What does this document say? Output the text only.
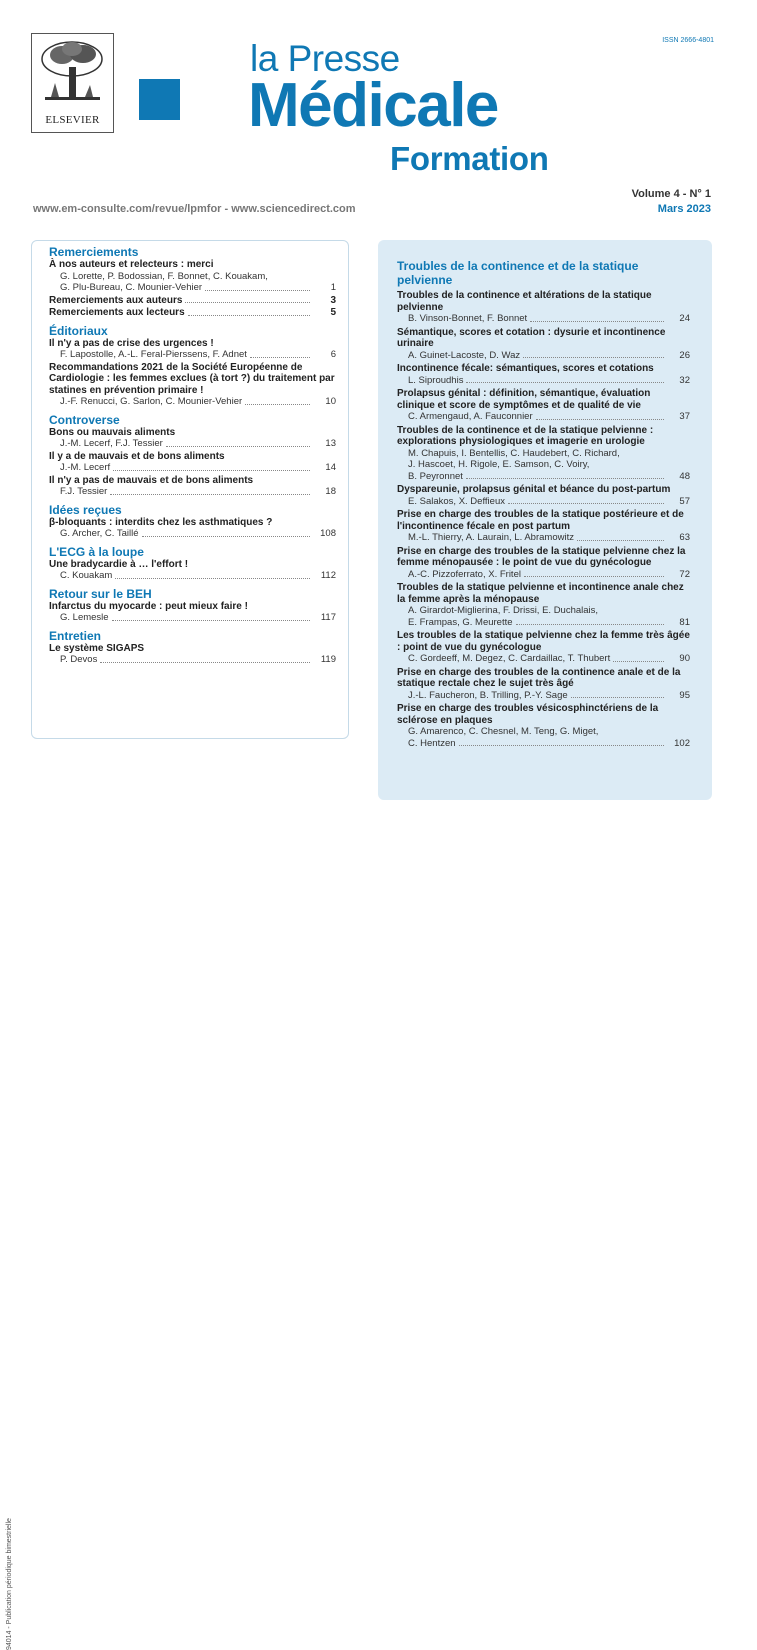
ELSEVIER
ISSN 2666-4801
la Presse
Médicale
Formation
Volume 4 - N° 1
Mars 2023
www.em-consulte.com/revue/lpmfor - www.sciencedirect.com
94014 - Publication périodique bimestrielle
Remerciements
À nos auteurs et relecteurs : merci
G. Lorette, P. Bodossian, F. Bonnet, C. Kouakam,
G. Plu-Bureau, C. Mounier-Vehier	1
Remerciements aux auteurs	3
Remerciements aux lecteurs	5
Éditoriaux
Il n'y a pas de crise des urgences !
F. Lapostolle, A.-L. Feral-Pierssens, F. Adnet	6
Recommandations 2021 de la Société Européenne de Cardiologie : les femmes exclues (à tort ?) du traitement par statines en prévention primaire !
J.-F. Renucci, G. Sarlon, C. Mounier-Vehier	10
Controverse
Bons ou mauvais aliments
J.-M. Lecerf, F.J. Tessier	13
Il y a de mauvais et de bons aliments
J.-M. Lecerf	14
Il n'y a pas de mauvais et de bons aliments
F.J. Tessier	18
Idées reçues
β-bloquants : interdits chez les asthmatiques ?
G. Archer, C. Taillé	108
L'ECG à la loupe
Une bradycardie à … l'effort !
C. Kouakam	112
Retour sur le BEH
Infarctus du myocarde : peut mieux faire !
G. Lemesle	117
Entretien
Le système SIGAPS
P. Devos	119
Troubles de la continence et de la statique pelvienne
Troubles de la continence et altérations de la statique pelvienne
B. Vinson-Bonnet, F. Bonnet	24
Sémantique, scores et cotation : dysurie et incontinence urinaire
A. Guinet-Lacoste, D. Waz	26
Incontinence fécale: sémantiques, scores et cotations
L. Siproudhis	32
Prolapsus génital : définition, sémantique, évaluation clinique et score de symptômes et de qualité de vie
C. Armengaud, A. Fauconnier	37
Troubles de la continence et de la statique pelvienne : explorations physiologiques et imagerie en urologie
M. Chapuis, I. Bentellis, C. Haudebert, C. Richard,
J. Hascoet, H. Rigole, E. Samson, C. Voiry,
B. Peyronnet	48
Dyspareunie, prolapsus génital et béance du post-partum
E. Salakos, X. Deffieux	57
Prise en charge des troubles de la statique postérieure et de l'incontinence fécale en post partum
M.-L. Thierry, A. Laurain, L. Abramowitz	63
Prise en charge des troubles de la statique pelvienne chez la femme ménopausée : le point de vue du gynécologue
A.-C. Pizzoferrato, X. Fritel	72
Troubles de la statique pelvienne et incontinence anale chez la femme après la ménopause
A. Girardot-Miglierina, F. Drissi, E. Duchalais,
E. Frampas, G. Meurette	81
Les troubles de la statique pelvienne chez la femme très âgée : point de vue du gynécologue
C. Gordeeff, M. Degez, C. Cardaillac, T. Thubert	90
Prise en charge des troubles de la continence anale et de la statique rectale chez le sujet très âgé
J.-L. Faucheron, B. Trilling, P.-Y. Sage	95
Prise en charge des troubles vésicosphinctériens de la sclérose en plaques
G. Amarenco, C. Chesnel, M. Teng, G. Miget,
C. Hentzen	102
